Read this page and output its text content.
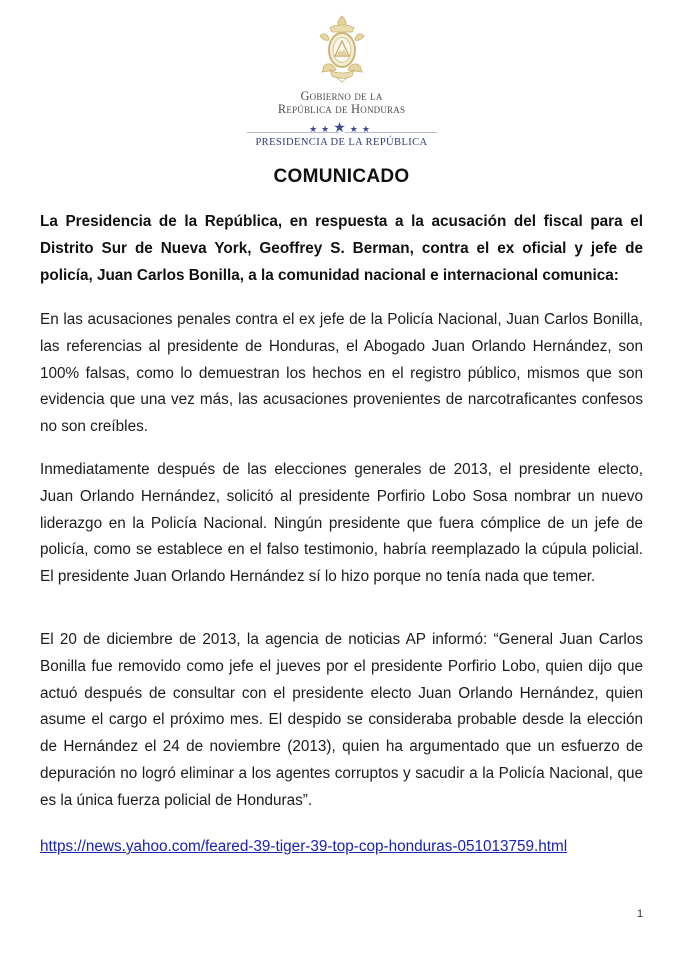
Gobierno de la
República de Honduras
★★★★★
PRESIDENCIA DE LA REPÚBLICA
COMUNICADO
La Presidencia de la República, en respuesta a la acusación del fiscal para el Distrito Sur de Nueva York, Geoffrey S. Berman, contra el ex oficial y jefe de policía, Juan Carlos Bonilla, a la comunidad nacional e internacional comunica:
En las acusaciones penales contra el ex jefe de la Policía Nacional, Juan Carlos Bonilla, las referencias al presidente de Honduras, el Abogado Juan Orlando Hernández, son 100% falsas, como lo demuestran los hechos en el registro público, mismos que son evidencia que una vez más, las acusaciones provenientes de narcotraficantes confesos no son creíbles.
Inmediatamente después de las elecciones generales de 2013, el presidente electo, Juan Orlando Hernández, solicitó al presidente Porfirio Lobo Sosa nombrar un nuevo liderazgo en la Policía Nacional. Ningún presidente que fuera cómplice de un jefe de policía, como se establece en el falso testimonio, habría reemplazado la cúpula policial. El presidente Juan Orlando Hernández sí lo hizo porque no tenía nada que temer.
El 20 de diciembre de 2013, la agencia de noticias AP informó: “General Juan Carlos Bonilla fue removido como jefe el jueves por el presidente Porfirio Lobo, quien dijo que actuó después de consultar con el presidente electo Juan Orlando Hernández, quien asume el cargo el próximo mes. El despido se consideraba probable desde la elección de Hernández el 24 de noviembre (2013), quien ha argumentado que un esfuerzo de depuración no logró eliminar a los agentes corruptos y sacudir a la Policía Nacional, que es la única fuerza policial de Honduras”.
https://news.yahoo.com/feared-39-tiger-39-top-cop-honduras-051013759.html
1
